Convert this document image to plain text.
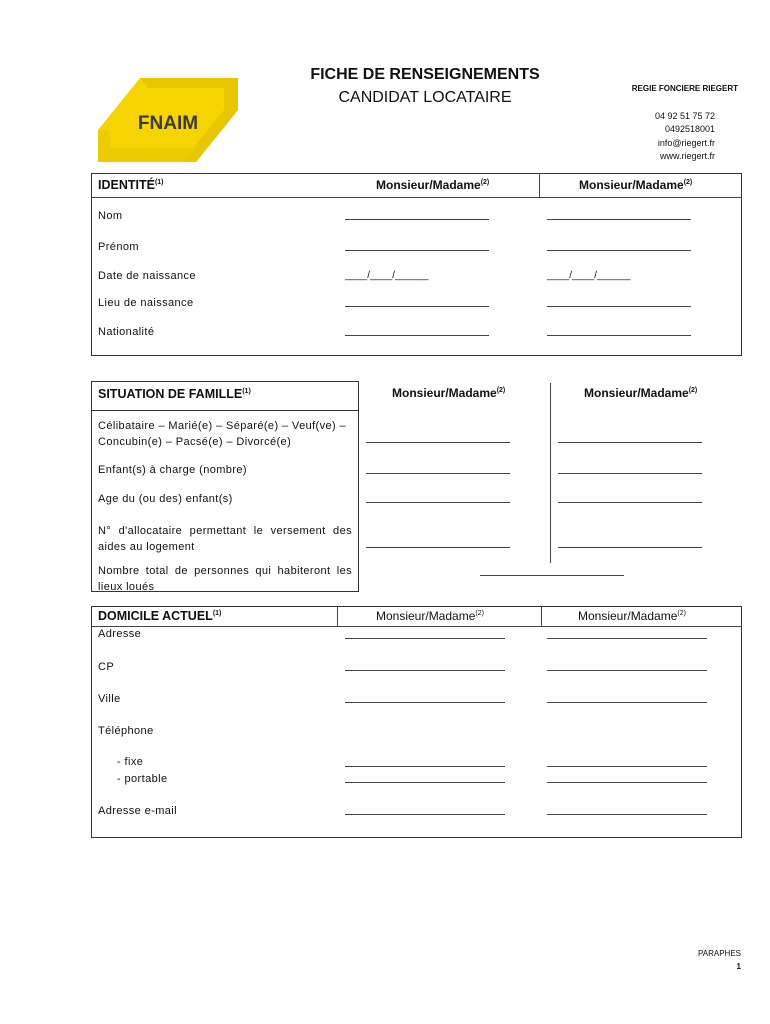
FNAIM
FICHE DE RENSEIGNEMENTS
CANDIDAT LOCATAIRE
REGIE FONCIERE RIEGERT
04 92 51 75 72
0492518001
info@riegert.fr
www.riegert.fr
IDENTITÉ$^{(1)}$	Monsieur/Madame$^{(2)}$	Monsieur/Madame$^{(2)}$
Nom
Prénom
Date de naissance	____/____/______	____/____/______
Lieu de naissance
Nationalité
SITUATION DE FAMILLE$^{(1)}$	Monsieur/Madame$^{(2)}$	Monsieur/Madame$^{(2)}$
Célibataire – Marié(e) – Séparé(e) – Veuf(ve) –
Concubin(e) – Pacsé(e) – Divorcé(e)
Enfant(s) à charge (nombre)
Age du (ou des) enfant(s)
N° d'allocataire permettant le versement des
aides au logement
Nombre total de personnes qui habiteront les
lieux loués
DOMICILE ACTUEL$^{(1)}$	Monsieur/Madame$^{(2)}$	Monsieur/Madame$^{(2)}$
Adresse
CP
Ville
Téléphone
- fixe
- portable
Adresse e-mail
PARAPHES
1
